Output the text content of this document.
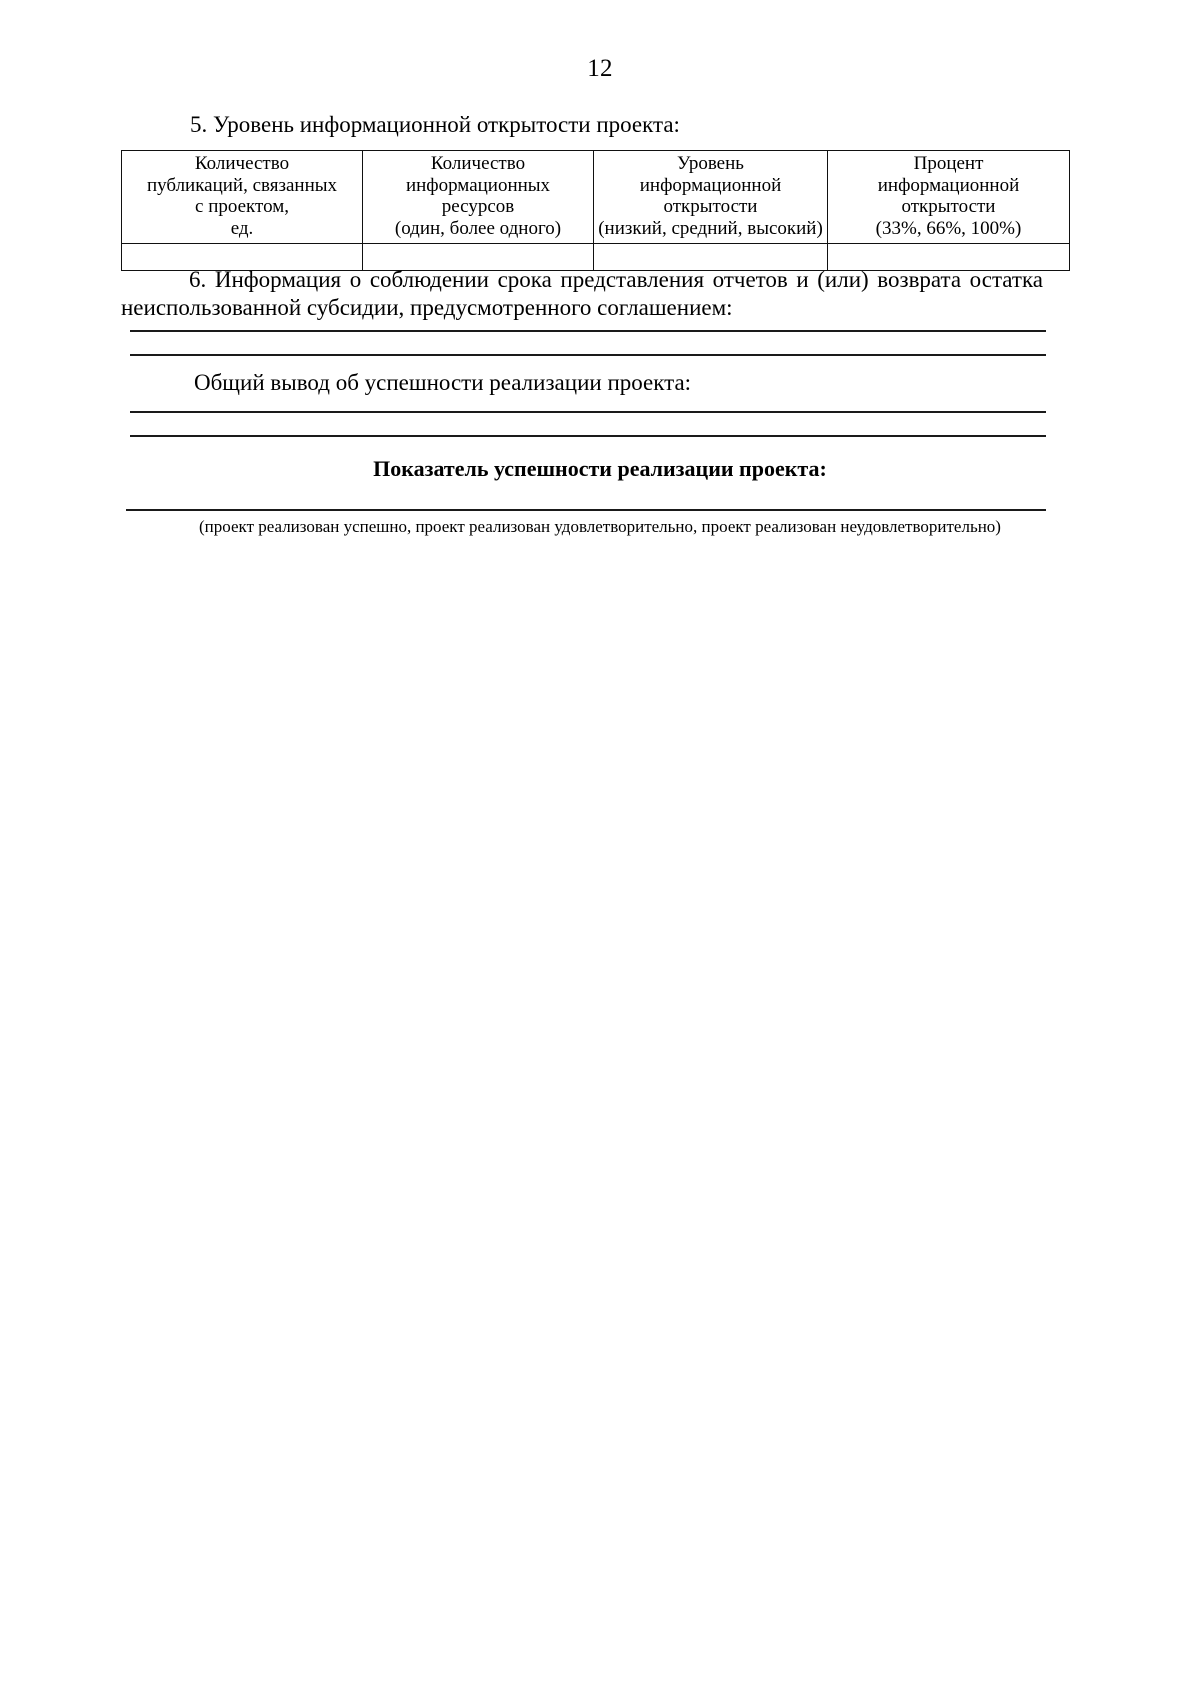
12
5. Уровень информационной открытости проекта:
Количество
публикаций, связанных
с проектом,
ед.	Количество
информационных
ресурсов
(один, более одного)	Уровень
информационной
открытости
(низкий, средний, высокий)	Процент
информационной
открытости
(33%, 66%, 100%)

6. Информация о соблюдении срока представления отчетов и (или) возврата остатка неиспользованной субсидии, предусмотренного соглашением:
Общий вывод об успешности реализации проекта:
Показатель успешности реализации проекта:
(проект реализован успешно, проект реализован удовлетворительно, проект реализован неудовлетворительно)
